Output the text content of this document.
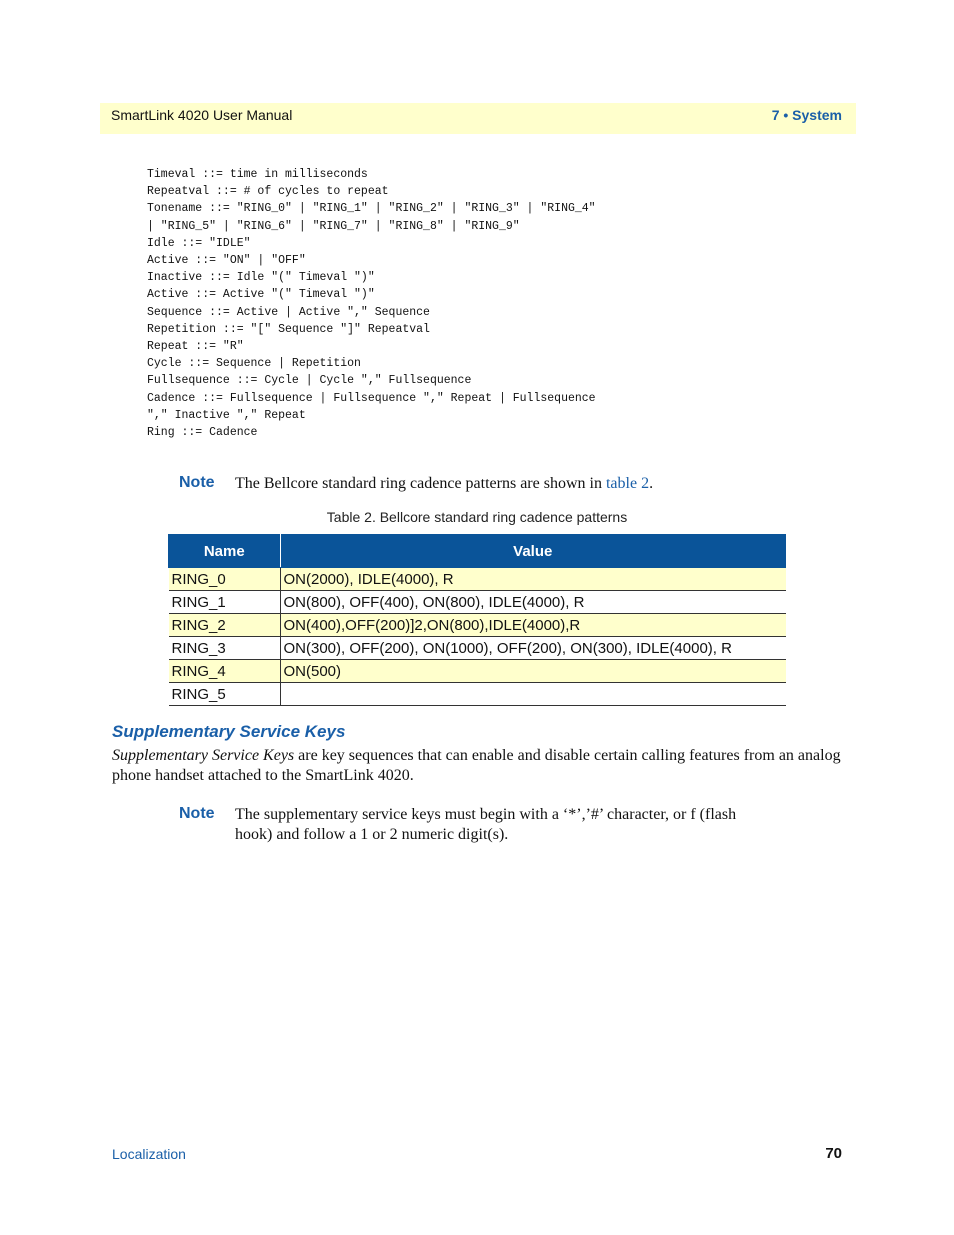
SmartLink 4020 User Manual	7 • System
Timeval ::= time in milliseconds
Repeatval ::= # of cycles to repeat
Tonename ::= "RING_0" | "RING_1" | "RING_2" | "RING_3" | "RING_4"
| "RING_5" | "RING_6" | "RING_7" | "RING_8" | "RING_9"
Idle ::= "IDLE"
Active ::= "ON" | "OFF"
Inactive ::= Idle "(" Timeval ")"
Active ::= Active "(" Timeval ")"
Sequence ::= Active | Active "," Sequence
Repetition ::= "[" Sequence "]" Repeatval
Repeat ::= "R"
Cycle ::= Sequence | Repetition
Fullsequence ::= Cycle | Cycle "," Fullsequence
Cadence ::= Fullsequence | Fullsequence "," Repeat | Fullsequence
"," Inactive "," Repeat
Ring ::= Cadence

Note The Bellcore standard ring cadence patterns are shown in table 2.
Table 2. Bellcore standard ring cadence patterns
Name	Value
RING_0	ON(2000), IDLE(4000), R
RING_1	ON(800), OFF(400), ON(800), IDLE(4000), R
RING_2	ON(400),OFF(200)]2,ON(800),IDLE(4000),R
RING_3	ON(300), OFF(200), ON(1000), OFF(200), ON(300), IDLE(4000), R
RING_4	ON(500)
RING_5	
Supplementary Service Keys
Supplementary Service Keys are key sequences that can enable and disable certain calling features from an analog phone handset attached to the SmartLink 4020.
Note The supplementary service keys must begin with a ‘*’,’#’ character, or f (flash
hook) and follow a 1 or 2 numeric digit(s).
Localization	70
